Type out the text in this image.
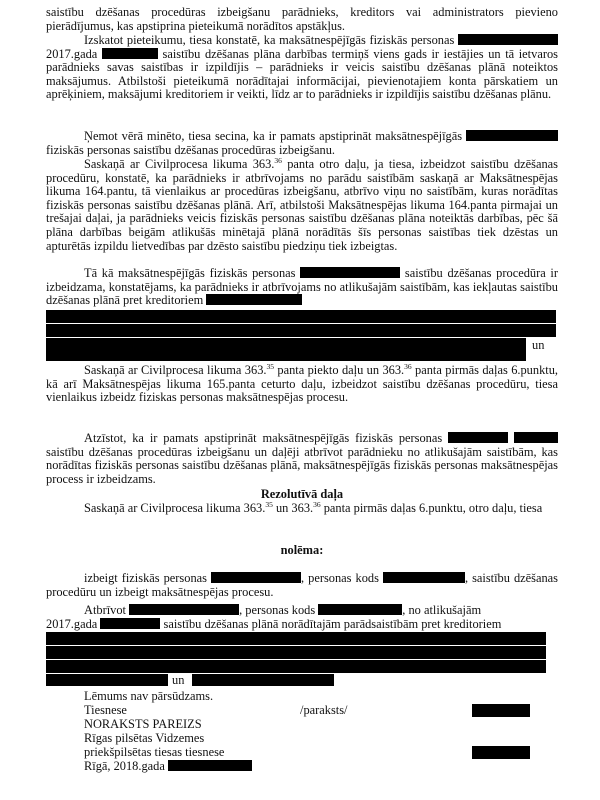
saistību dzēšanas procedūras izbeigšanu parādnieks, kreditors vai administrators pievieno pierādījumus, kas apstiprina pieteikumā norādītos apstākļus.

Izskatot pieteikumu, tiesa konstatē, ka maksātnespējīgās fiziskās personas  2017.gada	saistību dzēšanas plāna darbības termiņš viens gads ir iestājies un tā ietvaros parādnieks savas saistības ir izpildījis – parādnieks ir veicis saistību dzēšanas plānā noteiktos maksājumus. Atbilstoši pieteikumā norādītajai informācijai, pievienotajiem konta pārskatiem un aprēķiniem, maksājumi kreditoriem ir veikti, līdz ar to parādnieks ir izpildījis saistību dzēšanas plānu.

Ņemot vērā minēto, tiesa secina, ka ir pamats apstiprināt maksātnespējīgās  fiziskās personas saistību dzēšanas procedūras izbeigšanu.

Saskaņā ar Civilprocesa likuma 363.36 panta otro daļu, ja tiesa, izbeidzot saistību dzēšanas procedūru, konstatē, ka parādnieks ir atbrīvojams no parādu saistībām saskaņā ar Maksātnespējas likuma 164.pantu, tā vienlaikus ar procedūras izbeigšanu, atbrīvo viņu no saistībām, kuras norādītas fiziskās personas saistību dzēšanas plānā. Arī, atbilstoši Maksātnespējas likuma 164.panta pirmajai un trešajai daļai, ja parādnieks veicis fiziskās personas saistību dzēšanas plāna noteiktās darbības, pēc šā plāna darbības beigām atlikušās minētajā plānā norādītās šīs personas saistības tiek dzēstas un apturētās izpildu lietvedības par dzēsto saistību piedziņu tiek izbeigtas.

Tā kā maksātnespējīgās fiziskās personas	saistību dzēšanas procedūra ir izbeidzama, konstatējams, ka parādnieks ir atbrīvojams no atlikušajām saistībām, kas iekļautas saistību dzēšanas plānā pret kreditoriem

un

Saskaņā ar Civilprocesa likuma 363.35 panta piekto daļu un 363.36 panta pirmās daļas 6.punktu, kā arī Maksātnespējas likuma 165.panta ceturto daļu, izbeidzot saistību dzēšanas procedūru, tiesa vienlaikus izbeidz fiziskas personas maksātnespējas procesu.

Atzīstot, ka ir pamats apstiprināt maksātnespējīgās fiziskās personas   saistību dzēšanas procedūras izbeigšanu un daļēji atbrīvot parādnieku no atlikušajām saistībām, kas norādītas fiziskās personas saistību dzēšanas plānā, maksātnespējīgās fiziskās personas maksātnespējas process ir izbeidzams.

Rezolutīvā daļa

Saskaņā ar Civilprocesa likuma 363.35 un 363.36 panta pirmās daļas 6.punktu, otro daļu, tiesa

nolēma:

izbeigt fiziskās personas	, personas kods	, saistību dzēšanas procedūru un izbeigt maksātnespējas procesu.

Atbrīvot	, personas kods	, no atlikušajām
2017.gada	saistību dzēšanas plānā norādītajām parādsaistībām pret kreditoriem
un
Lēmums nav pārsūdzams.
Tiesnese	/paraksts/
NORAKSTS PAREIZS
Rīgas pilsētas Vidzemes
priekšpilsētas tiesas tiesnese
Rīgā, 2018.gada
